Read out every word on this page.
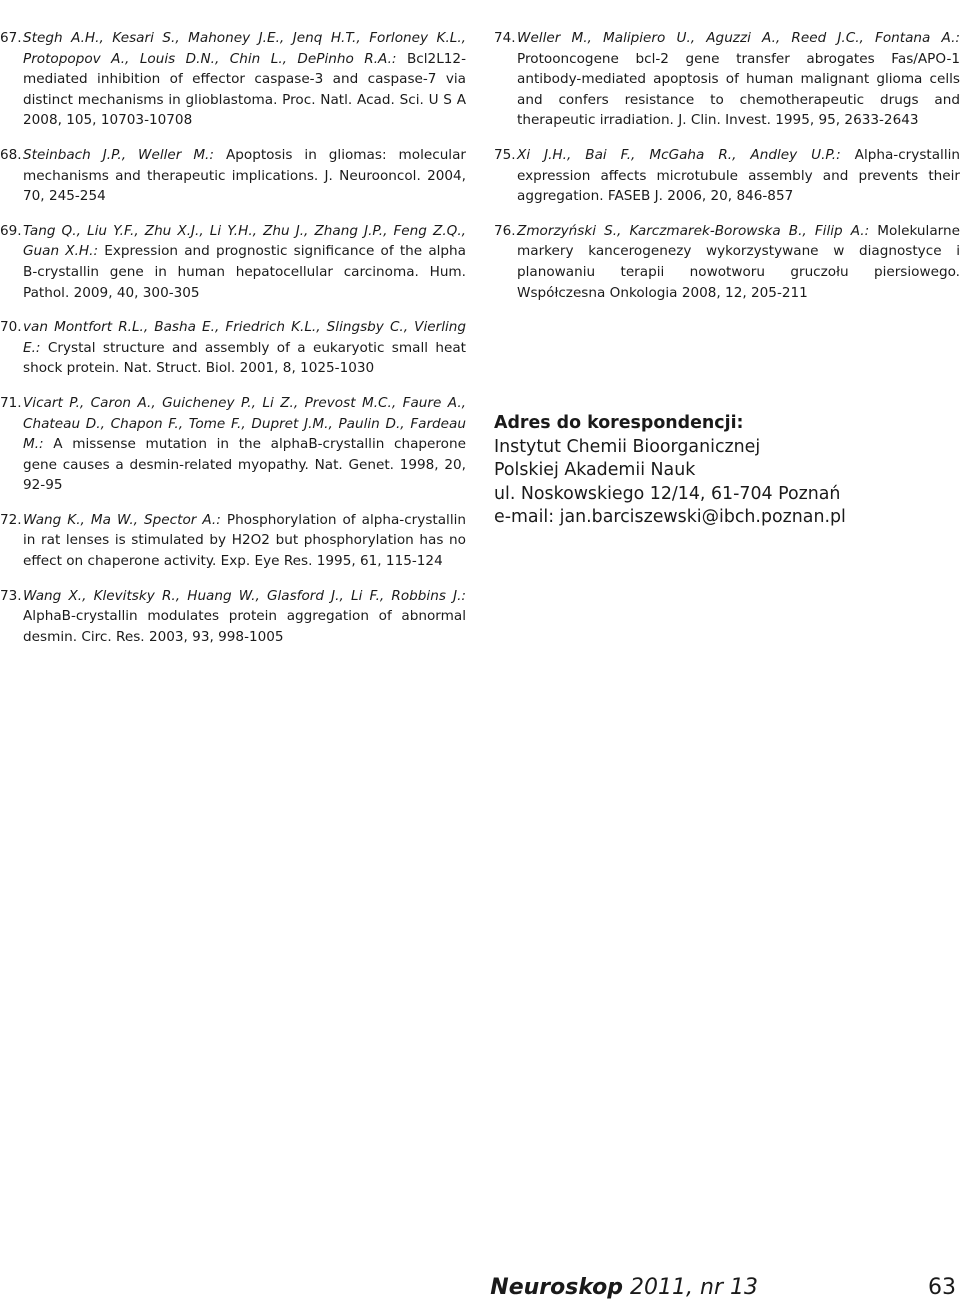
67. Stegh A.H., Kesari S., Mahoney J.E., Jenq H.T., Forloney K.L., Protopopov A., Louis D.N., Chin L., DePinho R.A.: Bcl2L12-mediated inhibition of effector caspase-3 and caspase-7 via distinct mechanisms in glioblastoma. Proc. Natl. Acad. Sci. U S A 2008, 105, 10703-10708
68. Steinbach J.P., Weller M.: Apoptosis in gliomas: molecular mechanisms and therapeutic implications. J. Neurooncol. 2004, 70, 245-254
69. Tang Q., Liu Y.F., Zhu X.J., Li Y.H., Zhu J., Zhang J.P., Feng Z.Q., Guan X.H.: Expression and prognostic significance of the alpha B-crystallin gene in human hepatocellular carcinoma. Hum. Pathol. 2009, 40, 300-305
70. van Montfort R.L., Basha E., Friedrich K.L., Slingsby C., Vierling E.: Crystal structure and assembly of a eukaryotic small heat shock protein. Nat. Struct. Biol. 2001, 8, 1025-1030
71. Vicart P., Caron A., Guicheney P., Li Z., Prevost M.C., Faure A., Chateau D., Chapon F., Tome F., Dupret J.M., Paulin D., Fardeau M.: A missense mutation in the alphaB-crystallin chaperone gene causes a desmin-related myopathy. Nat. Genet. 1998, 20, 92-95
72. Wang K., Ma W., Spector A.: Phosphorylation of alpha-crystallin in rat lenses is stimulated by H2O2 but phosphorylation has no effect on chaperone activity. Exp. Eye Res. 1995, 61, 115-124
73. Wang X., Klevitsky R., Huang W., Glasford J., Li F., Robbins J.: AlphaB-crystallin modulates protein aggregation of abnormal desmin. Circ. Res. 2003, 93, 998-1005
74. Weller M., Malipiero U., Aguzzi A., Reed J.C., Fontana A.: Protooncogene bcl-2 gene transfer abrogates Fas/APO-1 antibody-mediated apoptosis of human malignant glioma cells and confers resistance to chemotherapeutic drugs and therapeutic irradiation. J. Clin. Invest. 1995, 95, 2633-2643
75. Xi J.H., Bai F., McGaha R., Andley U.P.: Alpha-crystallin expression affects microtubule assembly and prevents their aggregation. FASEB J. 2006, 20, 846-857
76. Zmorzyński S., Karczmarek-Borowska B., Filip A.: Molekularne markery kancerogenezy wykorzystywane w diagnostyce i planowaniu terapii nowotworu gruczołu piersiowego. Współczesna Onkologia 2008, 12, 205-211
Adres do korespondencji:
Instytut Chemii Bioorganicznej
Polskiej Akademii Nauk
ul. Noskowskiego 12/14, 61-704 Poznań
e-mail: jan.barciszewski@ibch.poznan.pl
Neuroskop 2011, nr 13	63
